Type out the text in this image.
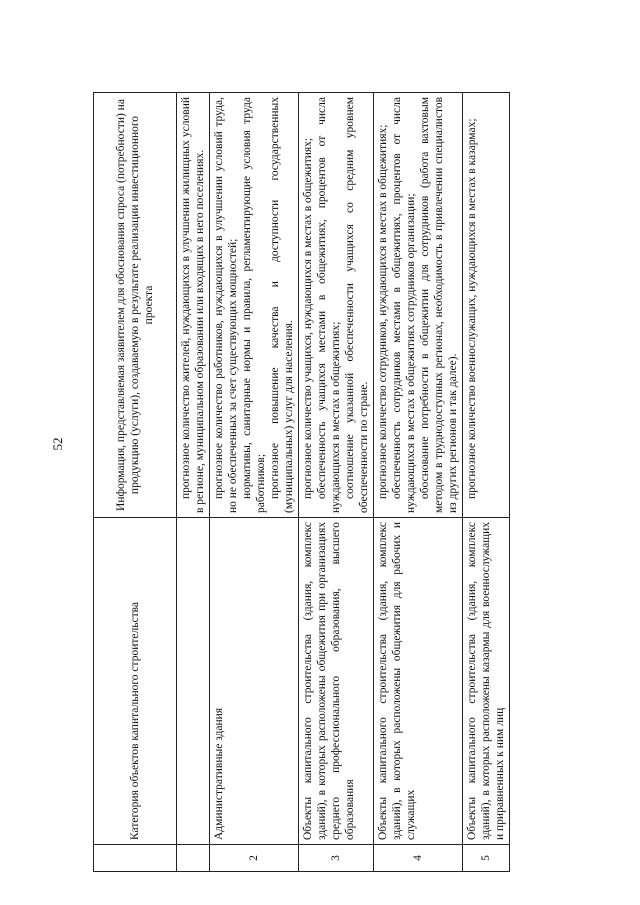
52
	Категория объектов капитального строительства	Информация, представляемая заявителем для обоснования спроса (потребности) на продукцию (услуги), создаваемую в результате реализации инвестиционного проекта

		прогнозное количество жителей, нуждающихся в улучшении жилищных условий в регионе, муниципальном образовании или входящих в него поселениях.

2	Административные здания	прогнозное количество работников, нуждающихся в улучшении условий труда, но не обеспеченных за счет существующих мощностей; нормативы, санитарные нормы и правила, регламентирующие условия труда работников; прогнозное повышение качества и доступности государственных (муниципальных) услуг для населения.

3	Объекты капитального строительства (здания, комплекс зданий), в которых расположены общежития при организациях среднего профессионального образования, высшего образования	прогнозное количество учащихся, нуждающихся в местах в общежитиях; обеспеченность учащихся местами в общежитиях, процентов от числа нуждающихся в местах в общежитиях; соотношение указанной обеспеченности учащихся со средним уровнем обеспеченности по стране.

4	Объекты капитального строительства (здания, комплекс зданий), в которых расположены общежития для рабочих и служащих	прогнозное количество сотрудников, нуждающихся в местах в общежитиях; обеспеченность сотрудников местами в общежитиях, процентов от числа нуждающихся в местах в общежитиях сотрудников организации; обоснование потребности в общежитии для сотрудников (работа вахтовым методом в труднодоступных регионах, необходимость в привлечении специалистов из других регионов и так далее).

5	Объекты капитального строительства (здания, комплекс зданий), в которых расположены казармы для военнослужащих и приравненных к ним лиц	прогнозное количество военнослужащих, нуждающихся в местах в казармах;
